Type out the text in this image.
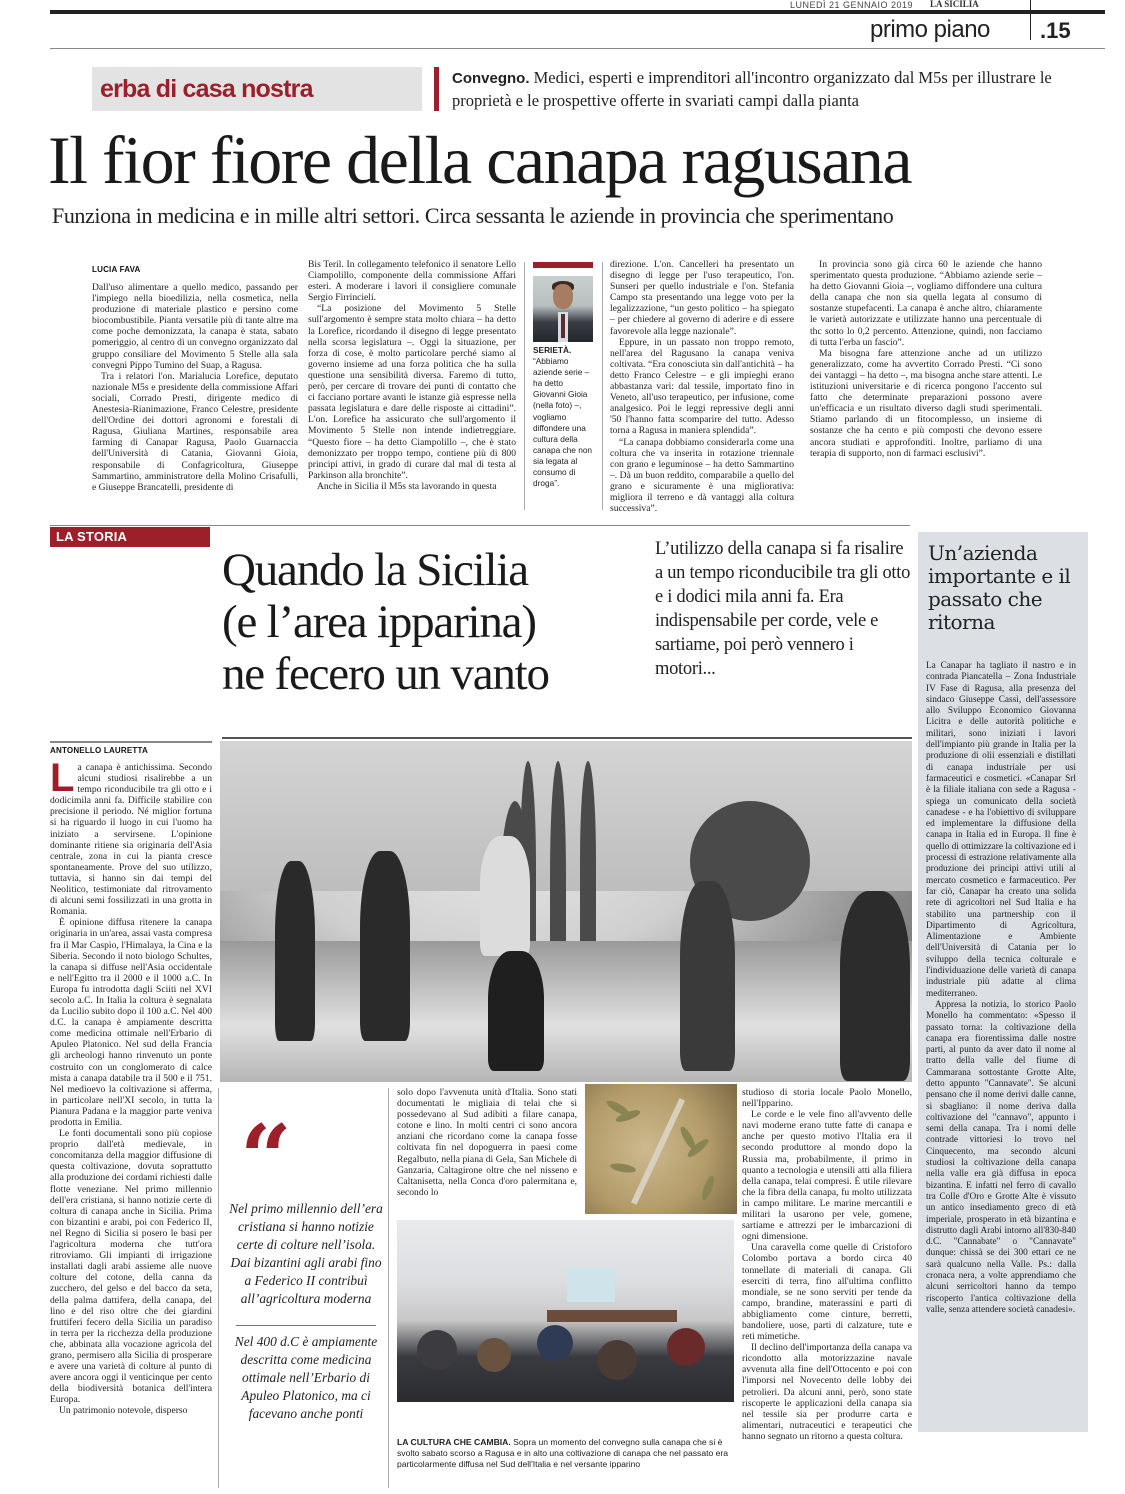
LUNEDÌ 21 GENNAIO 2019 LA SICILIA
primo piano .15
erba di casa nostra	Convegno. Medici, esperti e imprenditori all'incontro organizzato dal M5s per illustrare le proprietà e le prospettive offerte in svariati campi dalla pianta
Il fior fiore della canapa ragusana
Funziona in medicina e in mille altri settori. Circa sessanta le aziende in provincia che sperimentano
LUCIA FAVA

Dall'uso alimentare a quello medico, passando per l'impiego nella bioedilizia, nella cosmetica, nella produzione di materiale plastico e persino come biocombustibile. Pianta versatile più di tante altre ma come poche demonizzata, la canapa è stata, sabato pomeriggio, al centro di un convegno organizzato dal gruppo consiliare del Movimento 5 Stelle alla sala convegni Pippo Tumino del Suap, a Ragusa.

Tra i relatori l'on. Marialucia Lorefice, deputato nazionale M5s e presidente della commissione Affari sociali, Corrado Presti, dirigente medico di Anestesia-Rianimazione, Franco Celestre, presidente dell'Ordine dei dottori agronomi e forestali di Ragusa, Giuliana Martines, responsabile area farming di Canapar Ragusa, Paolo Guarnaccia dell'Università di Catania, Giovanni Gioia, responsabile di Confagricoltura, Giuseppe Sammartino, amministratore della Molino Crisafulli, e Giuseppe Brancatelli, presidente di

Bis Teril. In collegamento telefonico il senatore Lello Ciampolillo, componente della commissione Affari esteri. A moderare i lavori il consigliere comunale Sergio Firrincieli.

“La posizione del Movimento 5 Stelle sull'argomento è sempre stata molto chiara – ha detto la Lorefice, ricordando il disegno di legge presentato nella scorsa legislatura –. Oggi la situazione, per forza di cose, è molto particolare perché siamo al governo insieme ad una forza politica che ha sulla questione una sensibilità diversa. Faremo di tutto, però, per cercare di trovare dei punti di contatto che ci facciano portare avanti le istanze già espresse nella passata legislatura e dare delle risposte ai cittadini”. L'on. Lorefice ha assicurato che sull'argomento il Movimento 5 Stelle non intende indietreggiare. “Questo fiore – ha detto Ciampolillo –, che è stato demonizzato per troppo tempo, contiene più di 800 principi attivi, in grado di curare dal mal di testa al Parkinson alla bronchite”.

Anche in Sicilia il M5s sta lavorando in questa

SERIETÀ. “Abbiamo aziende serie – ha detto Giovanni Gioia (nella foto) –, vogliamo diffondere una cultura della canapa che non sia legata al consumo di droga”.

direzione. L'on. Cancelleri ha presentato un disegno di legge per l'uso terapeutico, l'on. Sunseri per quello industriale e l'on. Stefania Campo sta presentando una legge voto per la legalizzazione, “un gesto politico – ha spiegato – per chiedere al governo di aderire e di essere favorevole alla legge nazionale”.

Eppure, in un passato non troppo remoto, nell'area del Ragusano la canapa veniva coltivata. “Era conosciuta sin dall'antichità – ha detto Franco Celestre – e gli impieghi erano abbastanza vari: dal tessile, importato fino in Veneto, all'uso terapeutico, per infusione, come analgesico. Poi le leggi repressive degli anni '50 l'hanno fatta scomparire del tutto. Adesso torna a Ragusa in maniera splendida”.

“La canapa dobbiamo considerarla come una coltura che va inserita in rotazione triennale con grano e leguminose – ha detto Sammartino –. Dà un buon reddito, comparabile a quello del grano e sicuramente è una migliorativa: migliora il terreno e dà vantaggi alla coltura successiva”.

In provincia sono già circa 60 le aziende che hanno sperimentato questa produzione. “Abbiamo aziende serie – ha detto Giovanni Gioia –, vogliamo diffondere una cultura della canapa che non sia quella legata al consumo di sostanze stupefacenti. La canapa è anche altro, chiaramente le varietà autorizzate e utilizzate hanno una percentuale di thc sotto lo 0,2 percento. Attenzione, quindi, non facciamo di tutta l'erba un fascio”.

Ma bisogna fare attenzione anche ad un utilizzo generalizzato, come ha avvertito Corrado Presti. “Ci sono dei vantaggi – ha detto –, ma bisogna anche stare attenti. Le istituzioni universitarie e di ricerca pongono l'accento sul fatto che determinate preparazioni possono avere un'efficacia e un risultato diverso dagli studi sperimentali. Stiamo parlando di un fitocomplesso, un insieme di sostanze che ha cento e più composti che devono essere ancora studiati e approfonditi. Inoltre, parliamo di una terapia di supporto, non di farmaci esclusivi”.

LA STORIA
Quando la Sicilia
(e l’area ipparina)
ne fecero un vanto
L’utilizzo della canapa si fa risalire a un tempo riconducibile tra gli otto e i dodici mila anni fa. Era indispensabile per corde, vele e sartiame, poi però vennero i motori...
ANTONELLO LAURETTA

La canapa è antichissima. Secondo alcuni studiosi risalirebbe a un tempo riconducibile tra gli otto e i dodicimila anni fa. Difficile stabilire con precisione il periodo. Né miglior fortuna si ha riguardo il luogo in cui l'uomo ha iniziato a servirsene. L'opinione dominante ritiene sia originaria dell'Asia centrale, zona in cui la pianta cresce spontaneamente. Prove del suo utilizzo, tuttavia, si hanno sin dai tempi del Neolitico, testimoniate dal ritrovamento di alcuni semi fossilizzati in una grotta in Romania.

È opinione diffusa ritenere la canapa originaria in un'area, assai vasta compresa fra il Mar Caspio, l'Himalaya, la Cina e la Siberia. Secondo il noto biologo Schultes, la canapa si diffuse nell'Asia occidentale e nell'Egitto tra il 2000 e il 1000 a.C. In Europa fu introdotta dagli Sciiti nel XVI secolo a.C. In Italia la coltura è segnalata da Lucilio subito dopo il 100 a.C. Nel 400 d.C. la canapa è ampiamente descritta come medicina ottimale nell'Erbario di Apuleo Platonico. Nel sud della Francia gli archeologi hanno rinvenuto un ponte costruito con un conglomerato di calce mista a canapa databile tra il 500 e il 751. Nel medioevo la coltivazione si afferma, in particolare nell'XI secolo, in tutta la Pianura Padana e la maggior parte veniva prodotta in Emilia.

Le fonti documentali sono più copiose proprio dall'età medievale, in concomitanza della maggior diffusione di questa coltivazione, dovuta soprattutto alla produzione dei cordami richiesti dalle flotte veneziane. Nel primo millennio dell'era cristiana, si hanno notizie certe di coltura di canapa anche in Sicilia. Prima con bizantini e arabi, poi con Federico II, nel Regno di Sicilia si posero le basi per l'agricoltura moderna che tutt'ora ritroviamo. Gli impianti di irrigazione installati dagli arabi assieme alle nuove colture del cotone, della canna da zucchero, del gelso e del bacco da seta, della palma dattifera, della canapa, del lino e del riso oltre che dei giardini fruttiferi fecero della Sicilia un paradiso in terra per la ricchezza della produzione che, abbinata alla vocazione agricola del grano, permisero alla Sicilia di prosperare e avere una varietà di colture al punto di avere ancora oggi il venticinque per cento della biodiversità botanica dell'intera Europa.

Un patrimonio notevole, disperso

“
Nel primo millennio dell’era cristiana si hanno notizie certe di colture nell’isola. Dai bizantini agli arabi fino a Federico II contribuì all’agricoltura moderna
Nel 400 d.C è ampiamente descritta come medicina ottimale nell’Erbario di Apuleo Platonico, ma ci facevano anche ponti

solo dopo l'avvenuta unità d'Italia. Sono stati documentati le migliaia di telai che si possedevano al Sud adibiti a filare canapa, cotone e lino. In molti centri ci sono ancora anziani che ricordano come la canapa fosse coltivata fin nel dopoguerra in paesi come Regalbuto, nella piana di Gela, San Michele di Ganzaria, Caltagirone oltre che nel nisseno e Caltanisetta, nella Conca d'oro palermitana e, secondo lo

LA CULTURA CHE CAMBIA. Sopra un momento del convegno sulla canapa che si è svolto sabato scorso a Ragusa e in alto una coltivazione di canapa che nel passato era particolarmente diffusa nel Sud dell'Italia e nel versante ipparino

studioso di storia locale Paolo Monello, nell'Ipparino.

Le corde e le vele fino all'avvento delle navi moderne erano tutte fatte di canapa e anche per questo motivo l'Italia era il secondo produttore al mondo dopo la Russia ma, probabilmente, il primo in quanto a tecnologia e utensili atti alla filiera della canapa, telai compresi. È utile rilevare che la fibra della canapa, fu molto utilizzata in campo militare. Le marine mercantili e militari la usarono per vele, gomene, sartiame e attrezzi per le imbarcazioni di ogni dimensione.

Una caravella come quelle di Cristoforo Colombo portava a bordo circa 40 tonnellate di materiali di canapa. Gli eserciti di terra, fino all'ultima conflitto mondiale, se ne sono serviti per tende da campo, brandine, materassini e parti di abbigliamento come cinture, berretti, bandoliere, uose, parti di calzature, tute e reti mimetiche.

Il declino dell'importanza della canapa va ricondotto alla motorizzazine navale avvenuta alla fine dell'Ottocento e poi con l'imporsi nel Novecento delle lobby dei petrolieri. Da alcuni anni, però, sono state riscoperte le applicazioni della canapa sia nel tessile sia per produrre carta e alimentari, nutraceutici e terapeutici che hanno segnato un ritorno a questa coltura.

Un’azienda importante e il passato che ritorna

La Canapar ha tagliato il nastro e in contrada Piancatella – Zona Industriale IV Fase di Ragusa, alla presenza del sindaco Giuseppe Cassì, dell'assessore allo Sviluppo Economico Giovanna Licitra e delle autorità politiche e militari, sono iniziati i lavori dell'impianto più grande in Italia per la produzione di olii essenziali e distillati di canapa industriale per usi farmaceutici e cosmetici. «Canapar Srl è la filiale italiana con sede a Ragusa - spiega un comunicato della società canadese - e ha l'obiettivo di sviluppare ed implementare la diffusione della canapa in Italia ed in Europa. Il fine è quello di ottimizzare la coltivazione ed i processi di estrazione relativamente alla produzione dei principi attivi utili al mercato cosmetico e farmaceutico. Per far ciò, Canapar ha creato una solida rete di agricoltori nel Sud Italia e ha stabilito una partnership con il Dipartimento di Agricoltura, Alimentazione e Ambiente dell'Università di Catania per lo sviluppo della tecnica colturale e l'individuazione delle varietà di canapa industriale più adatte al clima mediterraneo.

Appresa la notizia, lo storico Paolo Monello ha commentato: «Spesso il passato torna: la coltivazione della canapa era fiorentissima dalle nostre parti, al punto da aver dato il nome al tratto della valle del fiume di Cammarana sottostante Grotte Alte, detto appunto "Cannavate". Se alcuni pensano che il nome derivi dalle canne, si sbagliano: il nome deriva dalla coltivazione del "cannavo", appunto i semi della canapa. Tra i nomi delle contrade vittoriesi lo trovo nel Cinquecento, ma secondo alcuni studiosi la coltivazione della canapa nella valle era già diffusa in epoca bizantina. E infatti nel ferro di cavallo tra Colle d'Oro e Grotte Alte è vissuto un antico insediamento greco di età imperiale, prosperato in età bizantina e distrutto dagli Arabi intorno all'830-840 d.C. "Cannabate" o "Cannavate" dunque: chissà se dei 300 ettari ce ne sarà qualcuno nella Valle. Ps.: dalla cronaca nera, a volte apprendiamo che alcuni serricoltori hanno da tempo riscoperto l'antica coltivazione della valle, senza attendere società canadesi».
